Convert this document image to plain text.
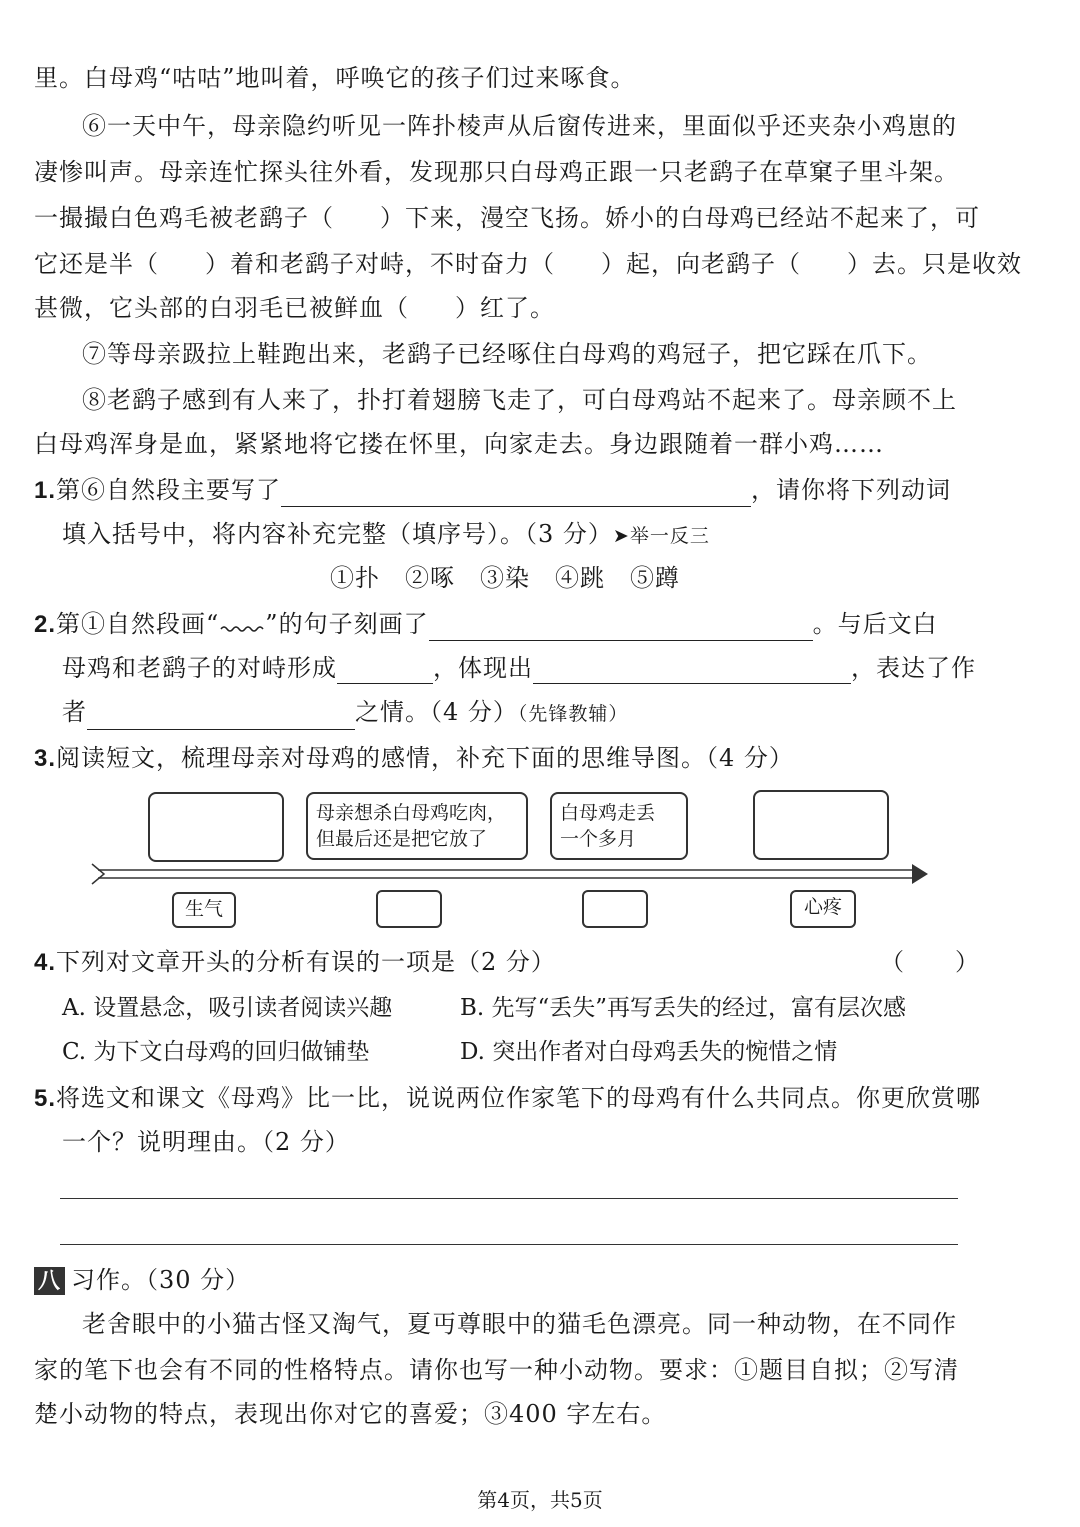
里。白母鸡“咕咕”地叫着，呼唤它的孩子们过来啄食。
⑥一天中午，母亲隐约听见一阵扑棱声从后窗传进来，里面似乎还夹杂小鸡崽的
凄惨叫声。母亲连忙探头往外看，发现那只白母鸡正跟一只老鹞子在草窠子里斗架。
一撮撮白色鸡毛被老鹞子（ ）下来，漫空飞扬。娇小的白母鸡已经站不起来了，可
它还是半（ ）着和老鹞子对峙，不时奋力（ ）起，向老鹞子（ ）去。只是收效
甚微，它头部的白羽毛已被鲜血（ ）红了。
⑦等母亲趿拉上鞋跑出来，老鹞子已经啄住白母鸡的鸡冠子，把它踩在爪下。
⑧老鹞子感到有人来了，扑打着翅膀飞走了，可白母鸡站不起来了。母亲顾不上
白母鸡浑身是血，紧紧地将它搂在怀里，向家走去。身边跟随着一群小鸡……
1.第⑥自然段主要写了	，请你将下列动词
填入括号中，将内容补充完整（填序号）。（3 分）➤举一反三
①扑　②啄　③染　④跳　⑤蹲
2.第①自然段画“ ”的句子刻画了	。与后文白
母鸡和老鹞子的对峙形成	，体现出	，表达了作
者	之情。（4 分）（先锋教辅）
3.阅读短文，梳理母亲对母鸡的感情，补充下面的思维导图。（4 分）
母亲想杀白母鸡吃肉，
但最后还是把它放了
白母鸡走丢
一个多月
生气	心疼
4.下列对文章开头的分析有误的一项是（2 分）	（　　）
A. 设置悬念，吸引读者阅读兴趣	B. 先写“丢失”再写丢失的经过，富有层次感
C. 为下文白母鸡的回归做铺垫	D. 突出作者对白母鸡丢失的惋惜之情
5.将选文和课文《母鸡》比一比，说说两位作家笔下的母鸡有什么共同点。你更欣赏哪
一个？说明理由。（2 分）
八 习作。（30 分）
老舍眼中的小猫古怪又淘气，夏丏尊眼中的猫毛色漂亮。同一种动物，在不同作
家的笔下也会有不同的性格特点。请你也写一种小动物。要求：①题目自拟；②写清
楚小动物的特点，表现出你对它的喜爱；③400 字左右。
第4页，共5页
